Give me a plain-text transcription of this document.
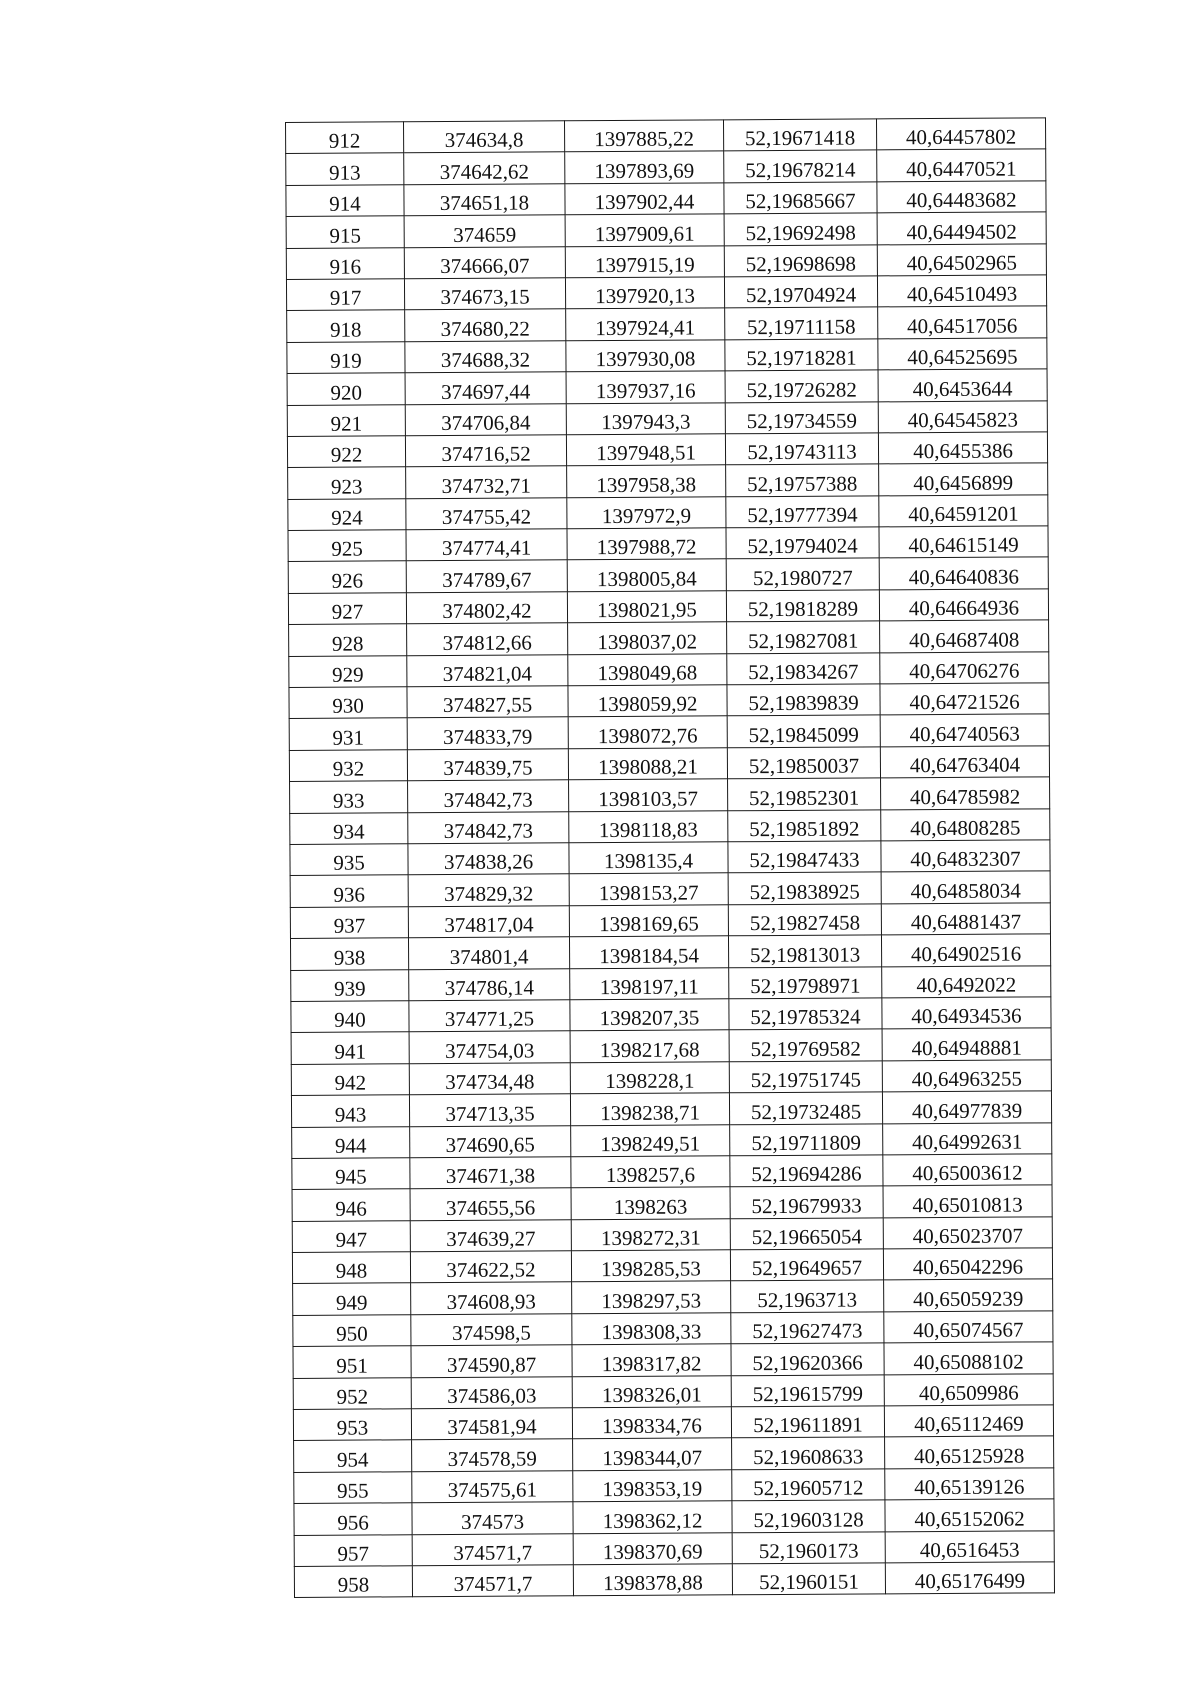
912	374634,8	1397885,22	52,19671418	40,64457802
913	374642,62	1397893,69	52,19678214	40,64470521
914	374651,18	1397902,44	52,19685667	40,64483682
915	374659	1397909,61	52,19692498	40,64494502
916	374666,07	1397915,19	52,19698698	40,64502965
917	374673,15	1397920,13	52,19704924	40,64510493
918	374680,22	1397924,41	52,19711158	40,64517056
919	374688,32	1397930,08	52,19718281	40,64525695
920	374697,44	1397937,16	52,19726282	40,6453644
921	374706,84	1397943,3	52,19734559	40,64545823
922	374716,52	1397948,51	52,19743113	40,6455386
923	374732,71	1397958,38	52,19757388	40,6456899
924	374755,42	1397972,9	52,19777394	40,64591201
925	374774,41	1397988,72	52,19794024	40,64615149
926	374789,67	1398005,84	52,1980727	40,64640836
927	374802,42	1398021,95	52,19818289	40,64664936
928	374812,66	1398037,02	52,19827081	40,64687408
929	374821,04	1398049,68	52,19834267	40,64706276
930	374827,55	1398059,92	52,19839839	40,64721526
931	374833,79	1398072,76	52,19845099	40,64740563
932	374839,75	1398088,21	52,19850037	40,64763404
933	374842,73	1398103,57	52,19852301	40,64785982
934	374842,73	1398118,83	52,19851892	40,64808285
935	374838,26	1398135,4	52,19847433	40,64832307
936	374829,32	1398153,27	52,19838925	40,64858034
937	374817,04	1398169,65	52,19827458	40,64881437
938	374801,4	1398184,54	52,19813013	40,64902516
939	374786,14	1398197,11	52,19798971	40,6492022
940	374771,25	1398207,35	52,19785324	40,64934536
941	374754,03	1398217,68	52,19769582	40,64948881
942	374734,48	1398228,1	52,19751745	40,64963255
943	374713,35	1398238,71	52,19732485	40,64977839
944	374690,65	1398249,51	52,19711809	40,64992631
945	374671,38	1398257,6	52,19694286	40,65003612
946	374655,56	1398263	52,19679933	40,65010813
947	374639,27	1398272,31	52,19665054	40,65023707
948	374622,52	1398285,53	52,19649657	40,65042296
949	374608,93	1398297,53	52,1963713	40,65059239
950	374598,5	1398308,33	52,19627473	40,65074567
951	374590,87	1398317,82	52,19620366	40,65088102
952	374586,03	1398326,01	52,19615799	40,6509986
953	374581,94	1398334,76	52,19611891	40,65112469
954	374578,59	1398344,07	52,19608633	40,65125928
955	374575,61	1398353,19	52,19605712	40,65139126
956	374573	1398362,12	52,19603128	40,65152062
957	374571,7	1398370,69	52,1960173	40,6516453
958	374571,7	1398378,88	52,1960151	40,65176499
